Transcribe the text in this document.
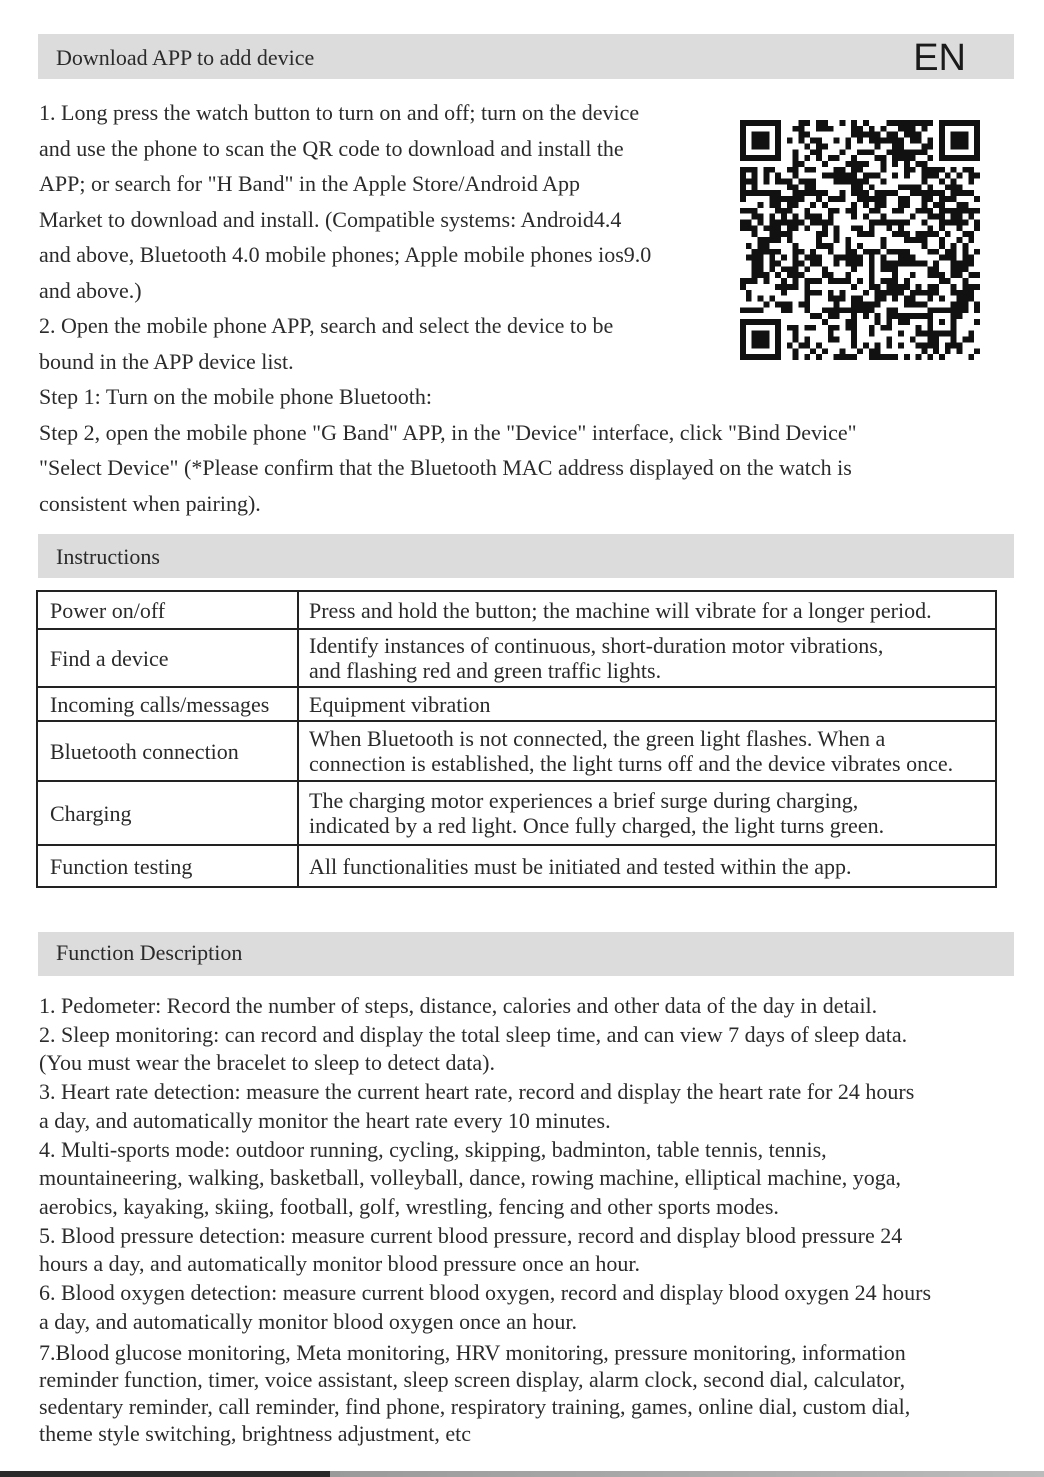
Download APP to add device	EN
1. Long press the watch button to turn on and off; turn on the device
and use the phone to scan the QR code to download and install the
APP; or search for "H Band" in the Apple Store/Android App
Market to download and install. (Compatible systems: Android4.4
and above, Bluetooth 4.0 mobile phones; Apple mobile phones ios9.0
and above.)
2. Open the mobile phone APP, search and select the device to be
bound in the APP device list.
Step 1: Turn on the mobile phone Bluetooth:
Step 2, open the mobile phone "G Band" APP, in the "Device" interface, click "Bind Device"
"Select Device" (*Please confirm that the Bluetooth MAC address displayed on the watch is
consistent when pairing).
Instructions
Power on/off	Press and hold the button; the machine will vibrate for a longer period.

Find a device	Identify instances of continuous, short-duration motor vibrations,
and flashing red and green traffic lights.

Incoming calls/messages	Equipment vibration

Bluetooth connection	When Bluetooth is not connected, the green light flashes. When a
connection is established, the light turns off and the device vibrates once.

Charging	The charging motor experiences a brief surge during charging,
indicated by a red light. Once fully charged, the light turns green.

Function testing	All functionalities must be initiated and tested within the app.
Function Description
1. Pedometer: Record the number of steps, distance, calories and other data of the day in detail.
2. Sleep monitoring: can record and display the total sleep time, and can view 7 days of sleep data.
(You must wear the bracelet to sleep to detect data).
3. Heart rate detection: measure the current heart rate, record and display the heart rate for 24 hours
a day, and automatically monitor the heart rate every 10 minutes.
4. Multi-sports mode: outdoor running, cycling, skipping, badminton, table tennis, tennis,
mountaineering, walking, basketball, volleyball, dance, rowing machine, elliptical machine, yoga,
aerobics, kayaking, skiing, football, golf, wrestling, fencing and other sports modes.
5. Blood pressure detection: measure current blood pressure, record and display blood pressure 24
hours a day, and automatically monitor blood pressure once an hour.
6. Blood oxygen detection: measure current blood oxygen, record and display blood oxygen 24 hours
a day, and automatically monitor blood oxygen once an hour.
7.Blood glucose monitoring, Meta monitoring, HRV monitoring, pressure monitoring, information
reminder function, timer, voice assistant, sleep screen display, alarm clock, second dial, calculator,
sedentary reminder, call reminder, find phone, respiratory training, games, online dial, custom dial,
theme style switching, brightness adjustment, etc
